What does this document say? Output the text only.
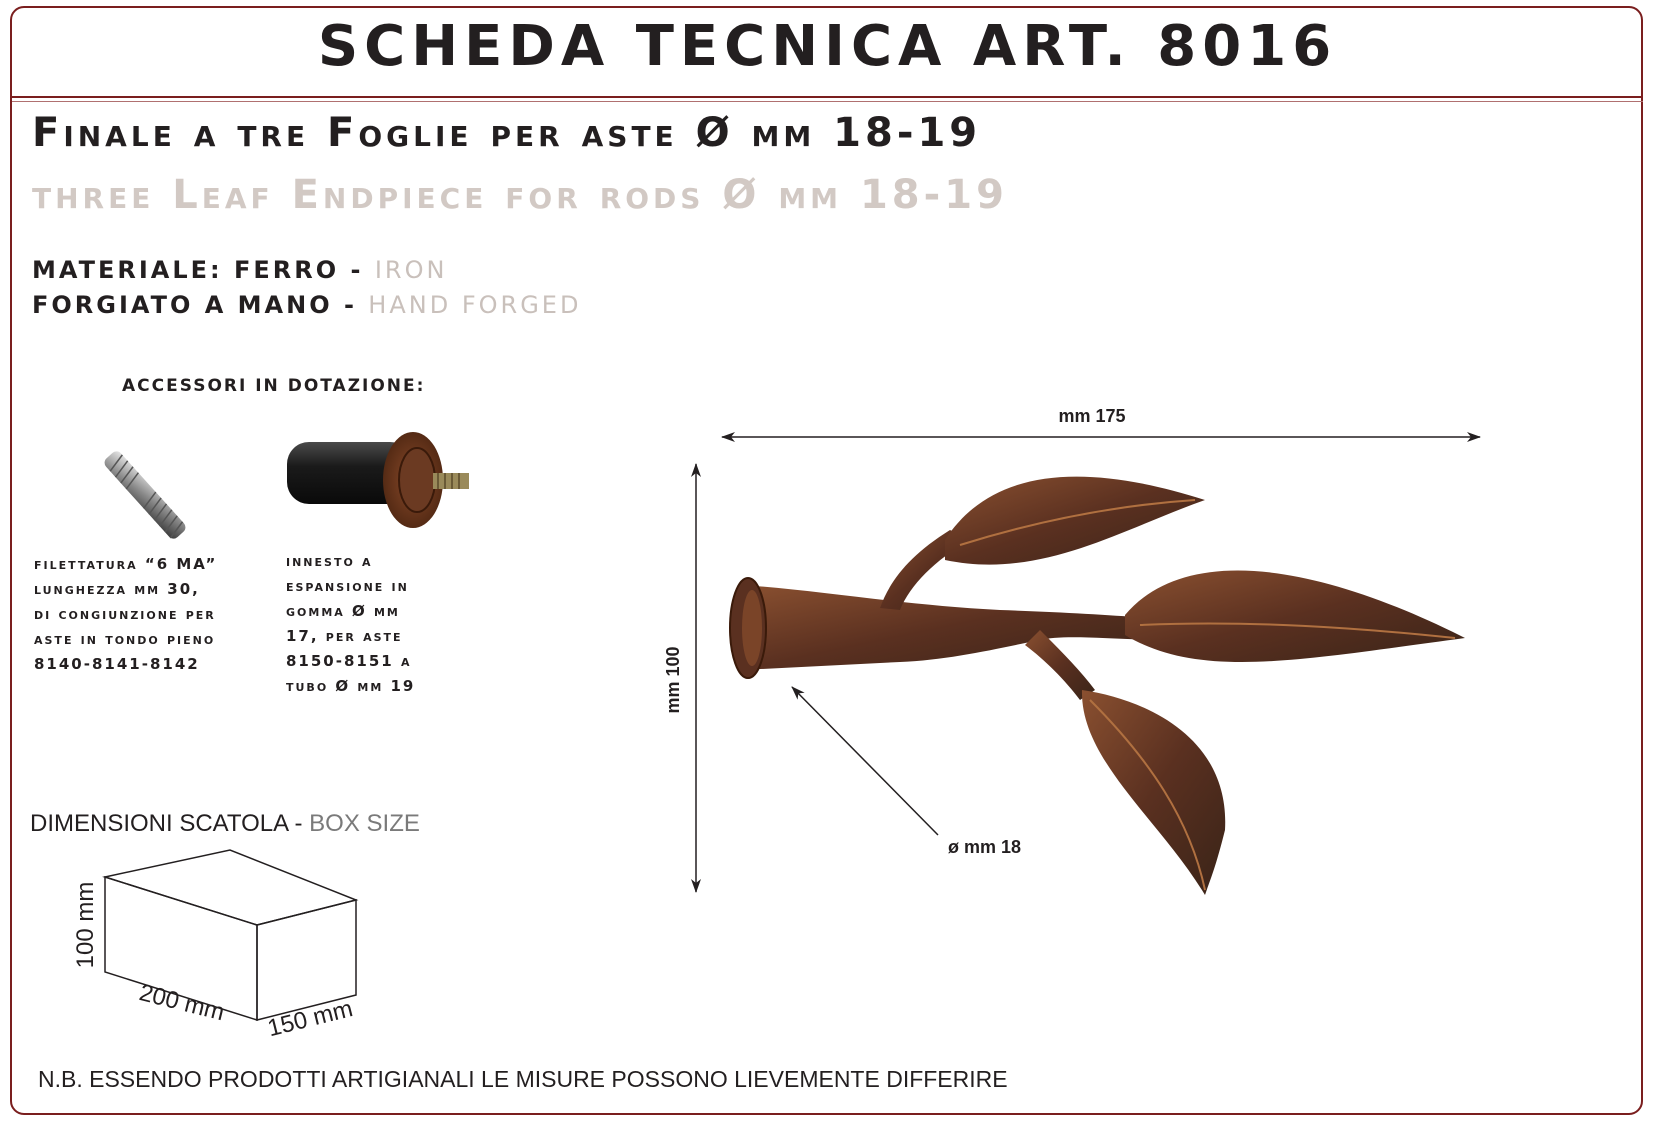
SCHEDA TECNICA ART. 8016
Finale a tre Foglie per aste Ø mm 18-19
three Leaf Endpiece for rods Ø mm 18-19
MATERIALE: FERRO - IRON
FORGIATO A MANO - HAND FORGED
ACCESSORI IN DOTAZIONE:
filettatura “6 MA”
lunghezza mm 30,
di congiunzione per
aste in tondo pieno
8140-8141-8142
innesto a
espansione in
gomma Ø mm
17, per aste
8150-8151 a
tubo Ø mm 19
mm 175
mm 100
ø mm 18
100 mm
200 mm 150 mm
DIMENSIONI SCATOLA - BOX SIZE
N.B. ESSENDO PRODOTTI ARTIGIANALI LE MISURE POSSONO LIEVEMENTE DIFFERIRE
